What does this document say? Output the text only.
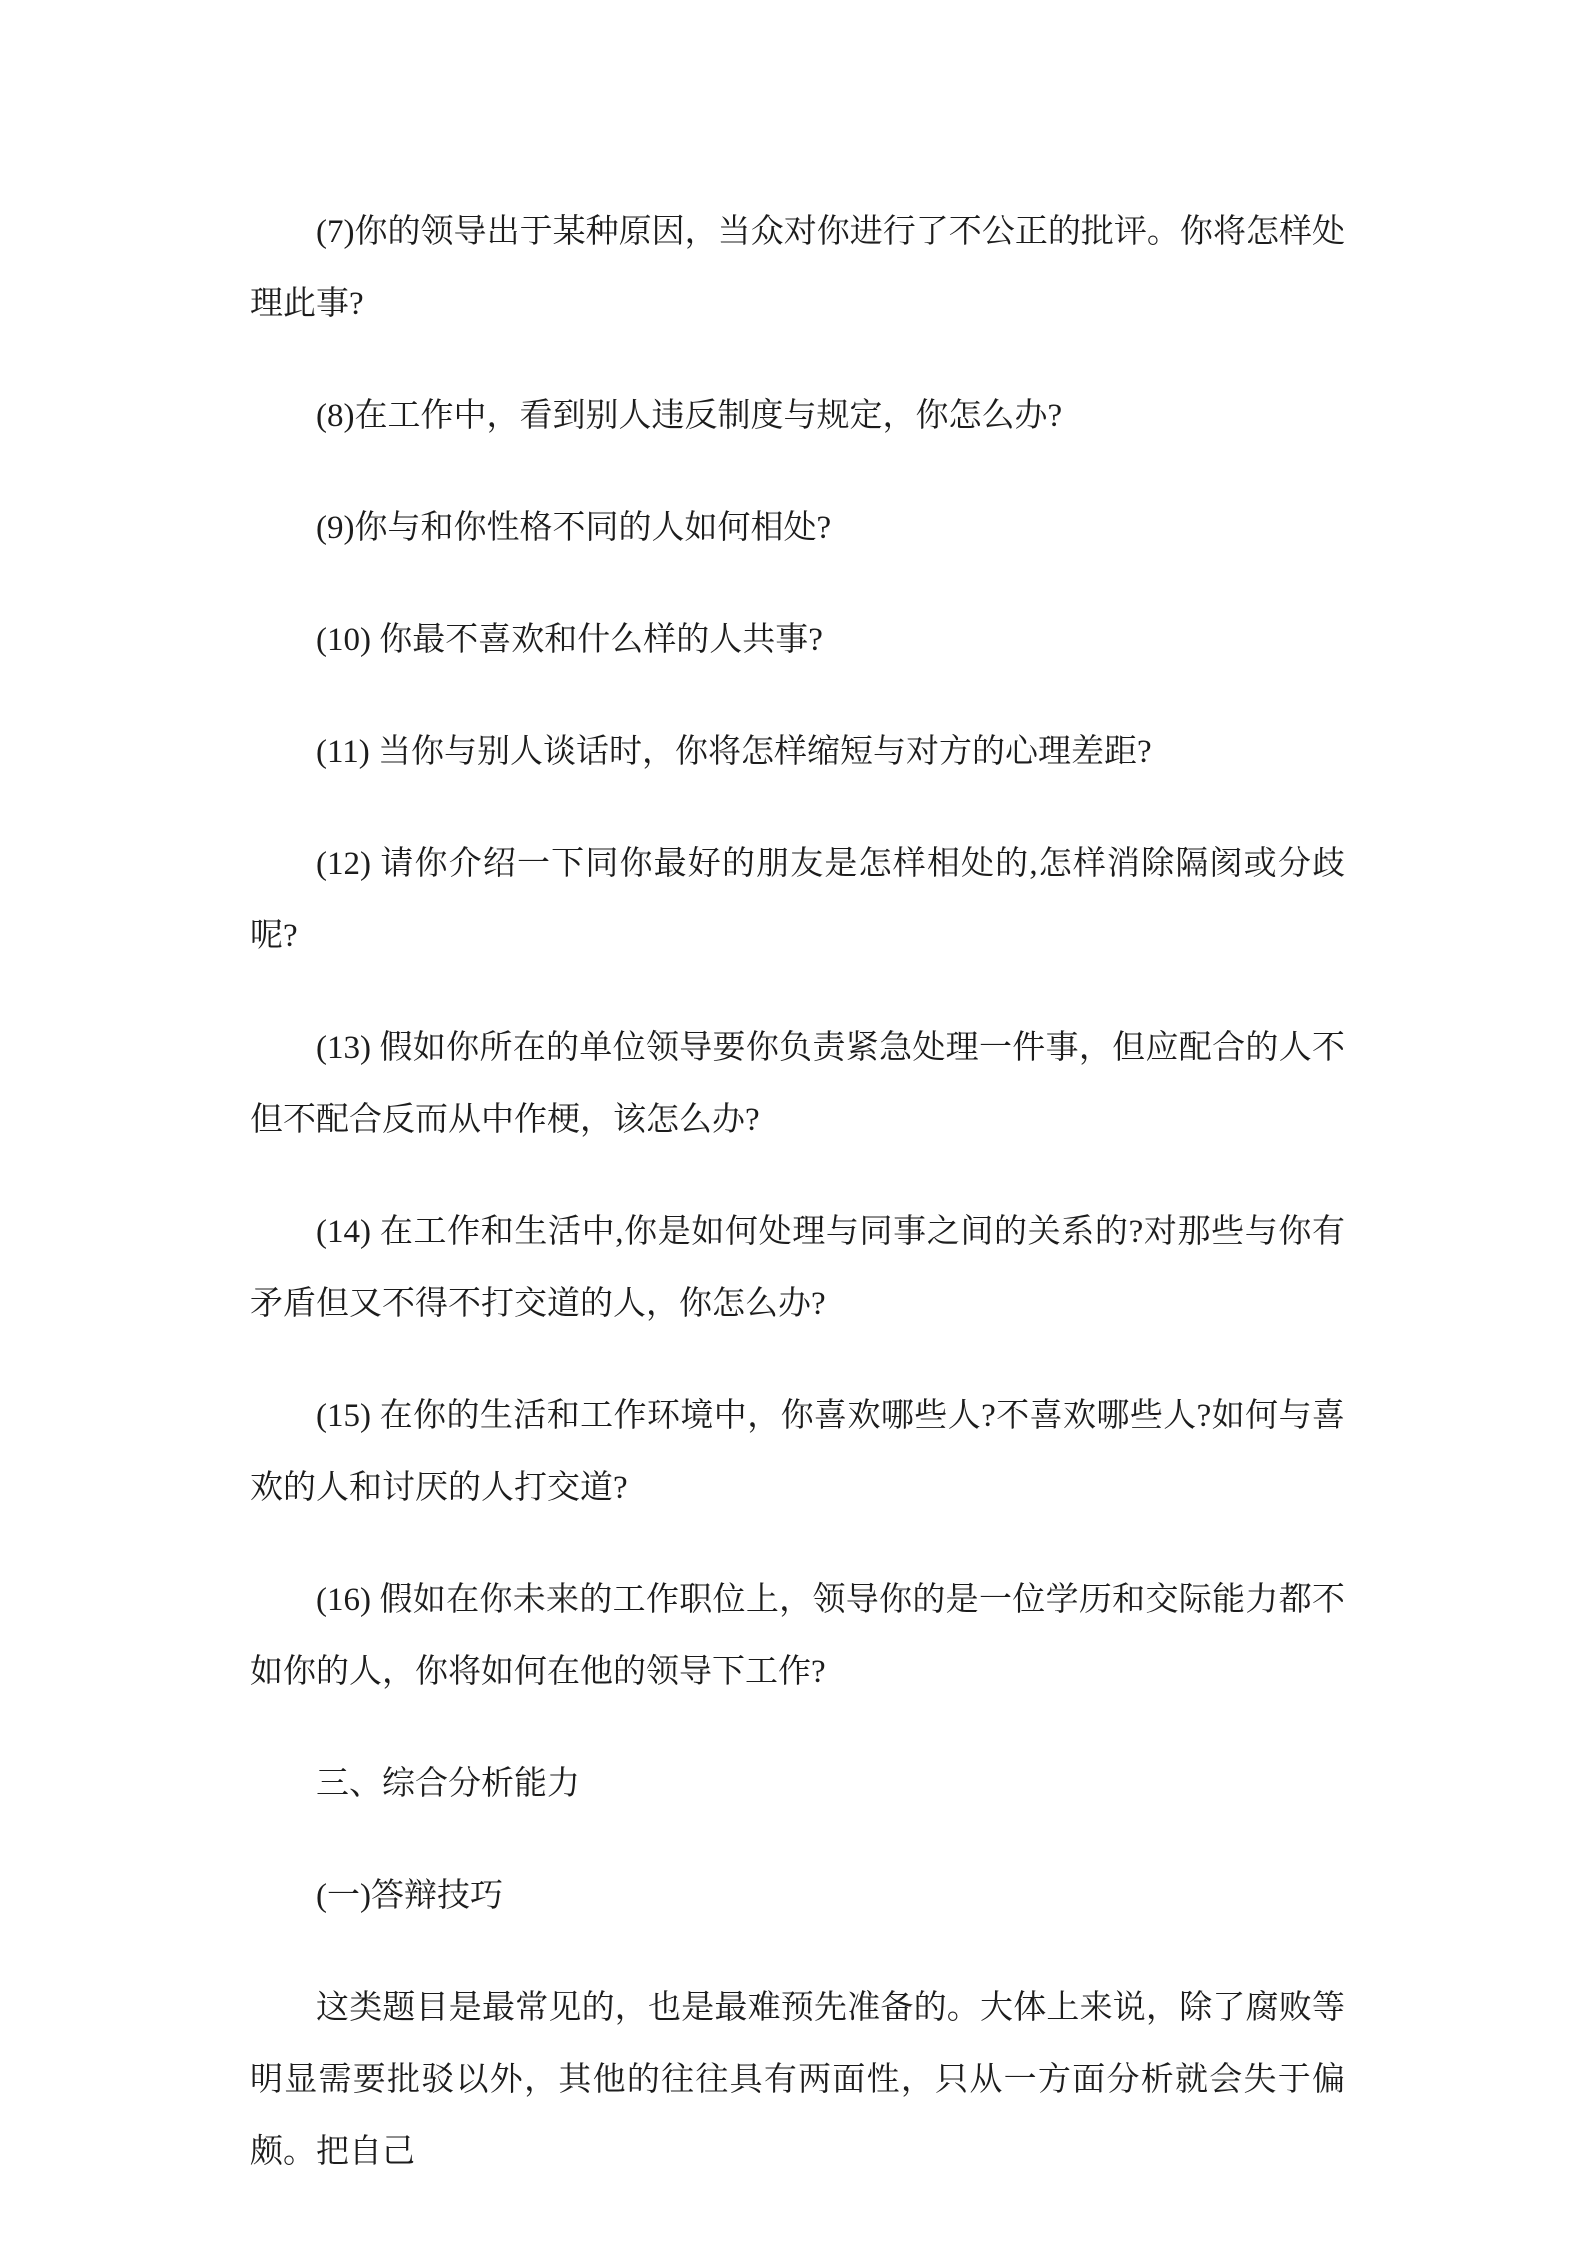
(7)你的领导出于某种原因，当众对你进行了不公正的批评。你将怎样处理此事?

(8)在工作中，看到别人违反制度与规定，你怎么办?

(9)你与和你性格不同的人如何相处?

(10) 你最不喜欢和什么样的人共事?

(11) 当你与别人谈话时，你将怎样缩短与对方的心理差距?

(12) 请你介绍一下同你最好的朋友是怎样相处的,怎样消除隔阂或分歧呢?

(13) 假如你所在的单位领导要你负责紧急处理一件事，但应配合的人不但不配合反而从中作梗，该怎么办?

(14) 在工作和生活中,你是如何处理与同事之间的关系的?对那些与你有矛盾但又不得不打交道的人，你怎么办?

(15) 在你的生活和工作环境中，你喜欢哪些人?不喜欢哪些人?如何与喜欢的人和讨厌的人打交道?

(16) 假如在你未来的工作职位上，领导你的是一位学历和交际能力都不如你的人，你将如何在他的领导下工作?

三、综合分析能力

(一)答辩技巧

这类题目是最常见的，也是最难预先准备的。大体上来说，除了腐败等明显需要批驳以外，其他的往往具有两面性，只从一方面分析就会失于偏颇。把自己
